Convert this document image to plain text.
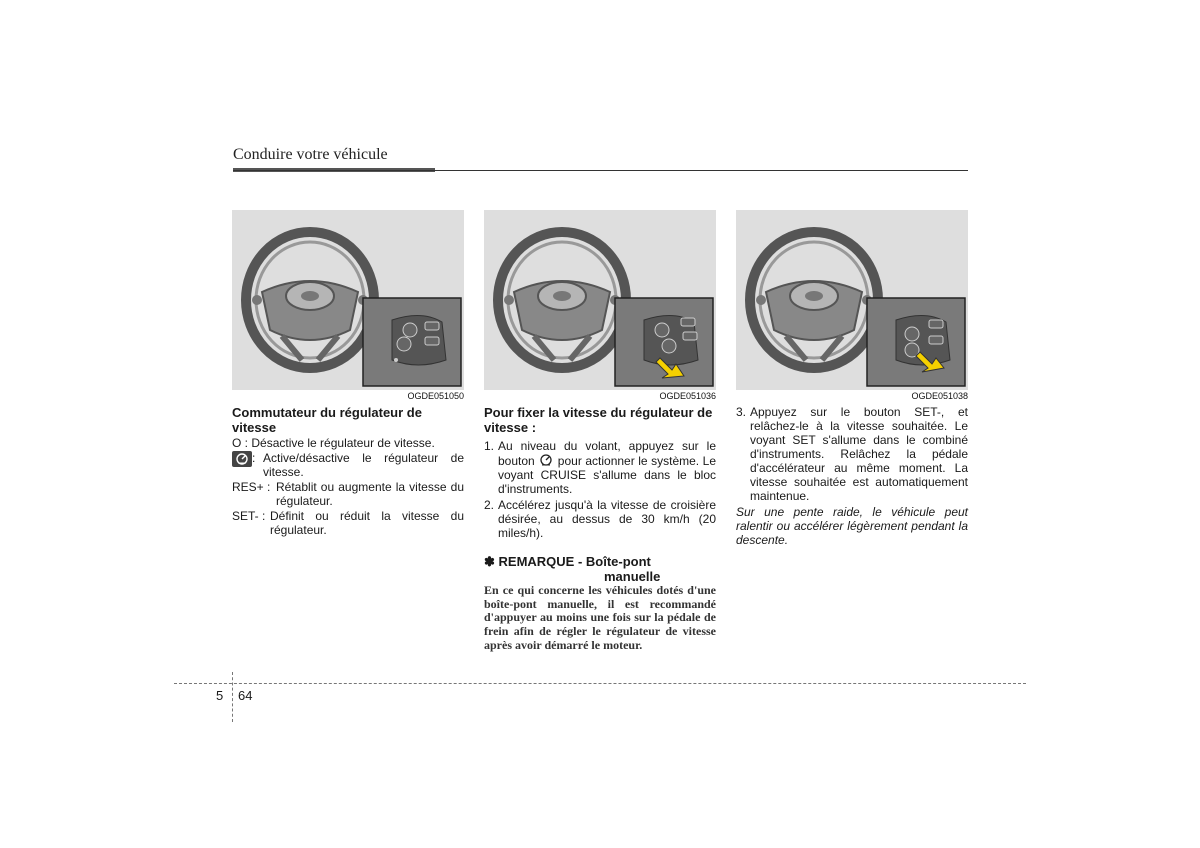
Conduire votre véhicule
OGDE051050
Commutateur du régulateur de vitesse
O : Désactive le régulateur de vitesse.
: Active/désactive le régulateur de vitesse.
RES+ : Rétablit ou augmente la vitesse du régulateur.
SET- : Définit ou réduit la vitesse du régulateur.
OGDE051036
Pour fixer la vitesse du régulateur de vitesse :
1. Au niveau du volant, appuyez sur le bouton pour actionner le système. Le voyant CRUISE s'allume dans le bloc d'instruments.
2. Accélérez jusqu'à la vitesse de croisière désirée, au dessus de 30 km/h (20 miles/h).
✽ REMARQUE - Boîte-pont
manuelle
En ce qui concerne les véhicules dotés d'une boîte-pont manuelle, il est recommandé d'appuyer au moins une fois sur la pédale de frein afin de régler le régulateur de vitesse après avoir démarré le moteur.
OGDE051038
3. Appuyez sur le bouton SET-, et relâchez-le à la vitesse souhaitée. Le voyant SET s'allume dans le combiné d'instruments. Relâchez la pédale d'accélérateur au même moment. La vitesse souhaitée est automatiquement maintenue.
Sur une pente raide, le véhicule peut ralentir ou accélérer légèrement pendant la descente.
5 64
